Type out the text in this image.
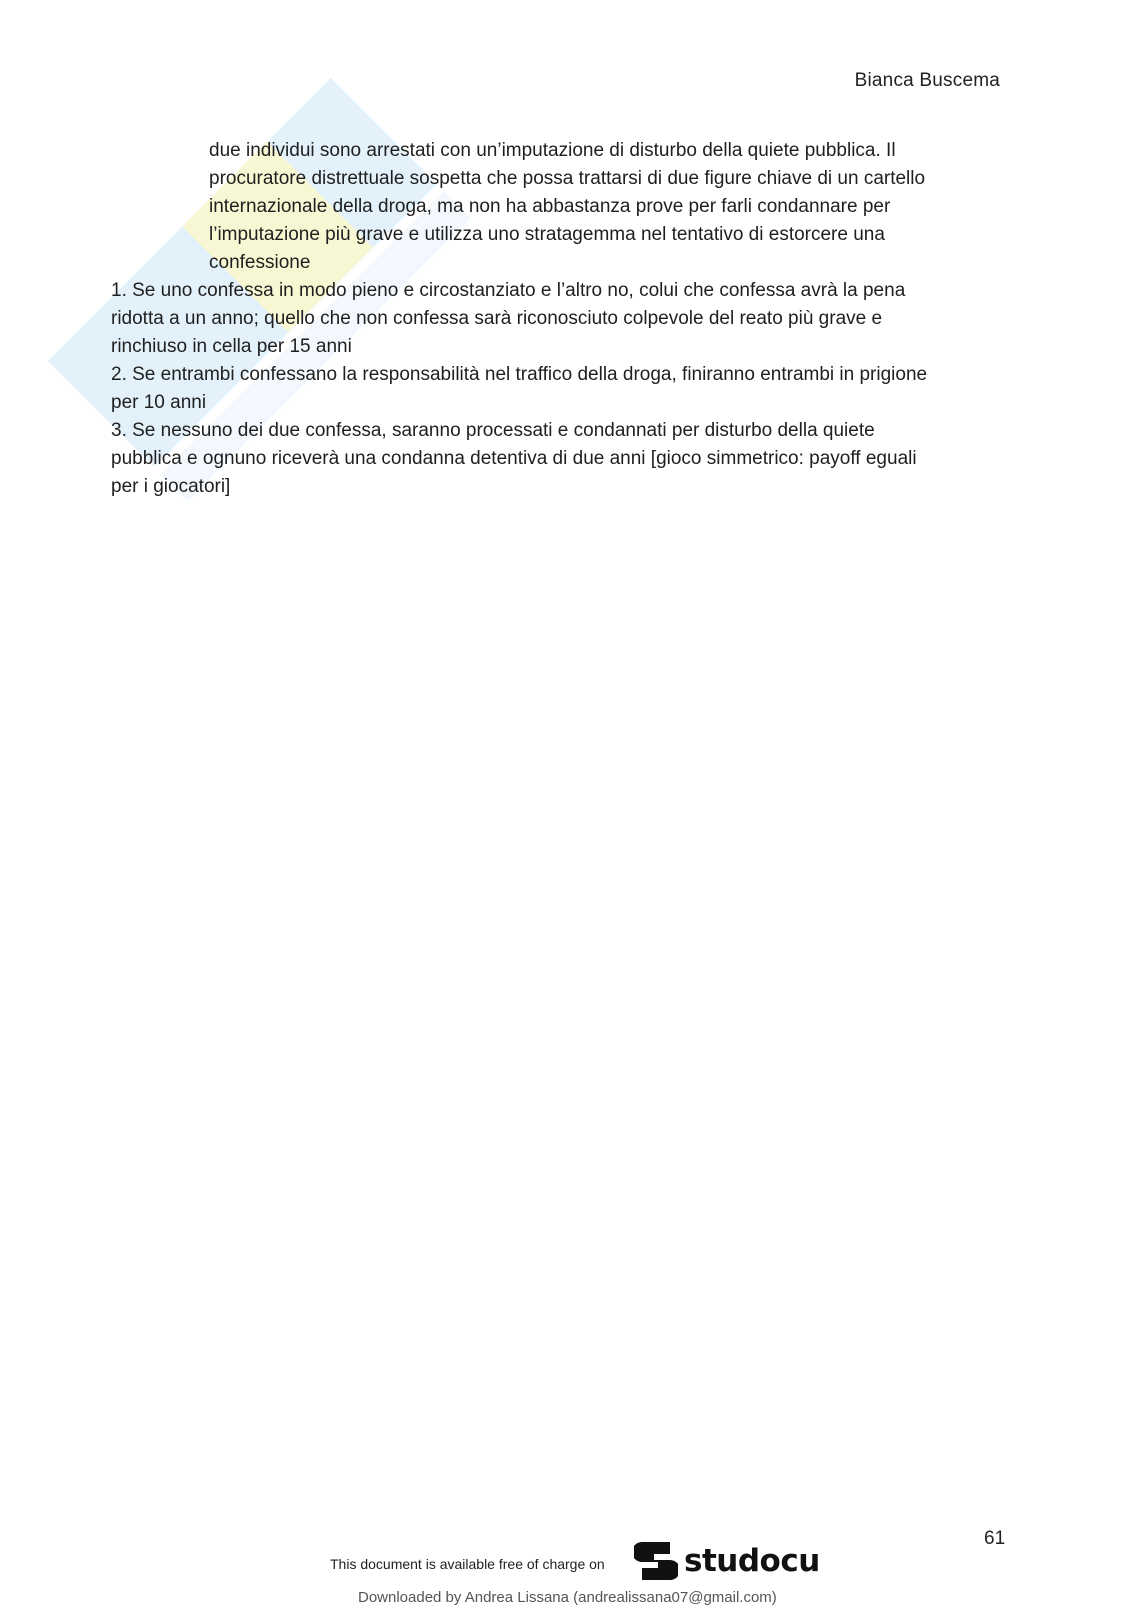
Bianca Buscema

due individui sono arrestati con un’imputazione di disturbo della quiete pubblica. Il

procuratore distrettuale sospetta che possa trattarsi di due figure chiave di un cartello

internazionale della droga, ma non ha abbastanza prove per farli condannare per

l’imputazione più grave e utilizza uno stratagemma nel tentativo di estorcere una

confessione

1. Se uno confessa in modo pieno e circostanziato e l’altro no, colui che confessa avrà la pena

ridotta a un anno; quello che non confessa sarà riconosciuto colpevole del reato più grave e

rinchiuso in cella per 15 anni

2. Se entrambi confessano la responsabilità nel traffico della droga, finiranno entrambi in prigione

per 10 anni

3. Se nessuno dei due confessa, saranno processati e condannati per disturbo della quiete

pubblica e ognuno riceverà una condanna detentiva di due anni [gioco simmetrico: payoff eguali

per i giocatori]

61
This document is available free of charge on	studocu
Downloaded by Andrea Lissana (andrealissana07@gmail.com)
